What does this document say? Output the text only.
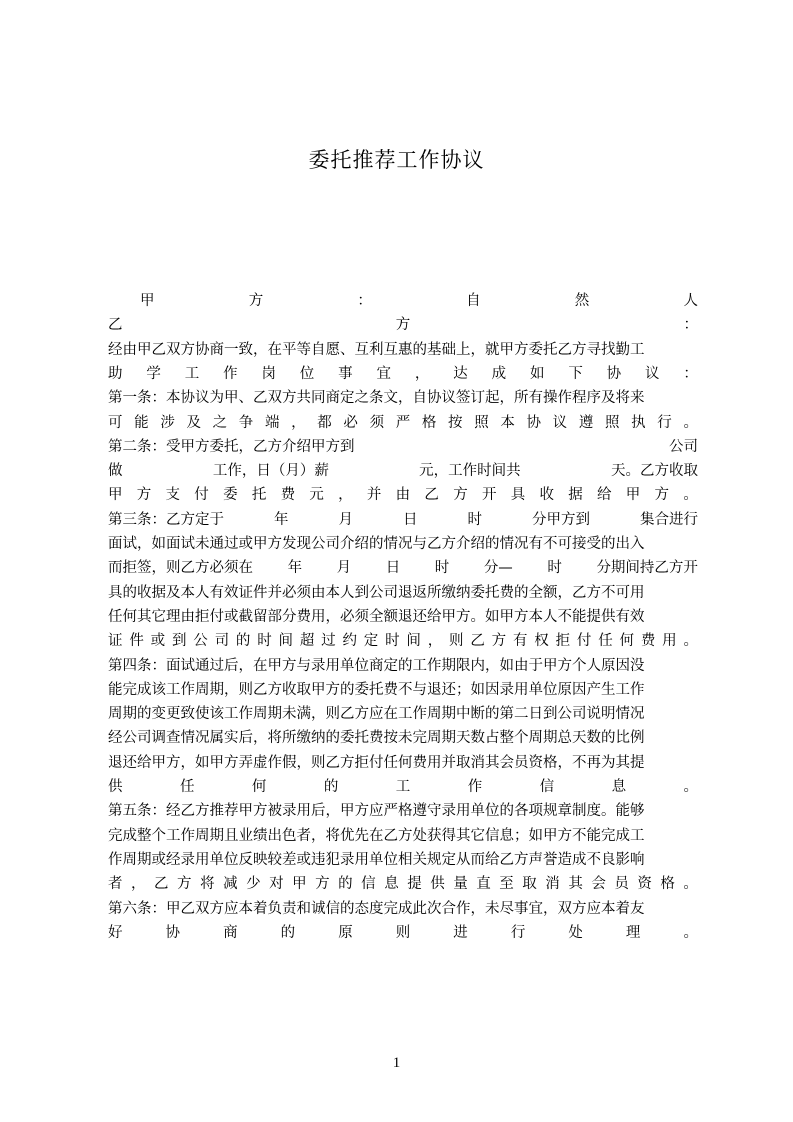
委托推荐工作协议
甲	方	：	自	然	人
乙	方	：
经由甲乙双方协商一致，在平等自愿、互利互惠的基础上，就甲方委托乙方寻找勤工
助 学 工 作 岗 位 事 宜 ， 达 成 如 下 协 议 ：
第一条：本协议为甲、乙双方共同商定之条文，自协议签订起，所有操作程序及将来
可 能 涉 及 之 争 端 ， 都 必 须 严 格 按 照 本 协 议 遵 照 执 行 。
第二条：受甲方委托，乙方介绍甲方到	公司
做	工作，日（月）薪	元，工作时间共	天。乙方收取
甲 方 支 付 委 托 费 元 ， 并 由 乙 方 开 具 收 据 给 甲 方 。
第三条：乙方定于	年	月	日	时	分甲方到	集合进行
面试，如面试未通过或甲方发现公司介绍的情况与乙方介绍的情况有不可接受的出入
而拒签，则乙方必须在 年 月 日 时 分— 时 分期间持乙方开
具的收据及本人有效证件并必须由本人到公司退返所缴纳委托费的全额，乙方不可用
任何其它理由拒付或截留部分费用，必须全额退还给甲方。如甲方本人不能提供有效
证 件 或 到 公 司 的 时 间 超 过 约 定 时 间 ， 则 乙 方 有 权 拒 付 任 何 费 用 。
第四条：面试通过后，在甲方与录用单位商定的工作期限内，如由于甲方个人原因没
能完成该工作周期，则乙方收取甲方的委托费不与退还；如因录用单位原因产生工作
周期的变更致使该工作周期未满，则乙方应在工作周期中断的第二日到公司说明情况
经公司调查情况属实后，将所缴纳的委托费按未完周期天数占整个周期总天数的比例
退还给甲方，如甲方弄虚作假，则乙方拒付任何费用并取消其会员资格，不再为其提
供	任	何	的	工	作	信	息	。
第五条：经乙方推荐甲方被录用后，甲方应严格遵守录用单位的各项规章制度。能够
完成整个工作周期且业绩出色者，将优先在乙方处获得其它信息；如甲方不能完成工
作周期或经录用单位反映较差或违犯录用单位相关规定从而给乙方声誉造成不良影响
者 ， 乙 方 将 减 少 对 甲 方 的 信 息 提 供 量 直 至 取 消 其 会 员 资 格 。
第六条：甲乙双方应本着负责和诚信的态度完成此次合作，未尽事宜，双方应本着友
好	协	商	的	原	则	进	行	处	理	。
1
